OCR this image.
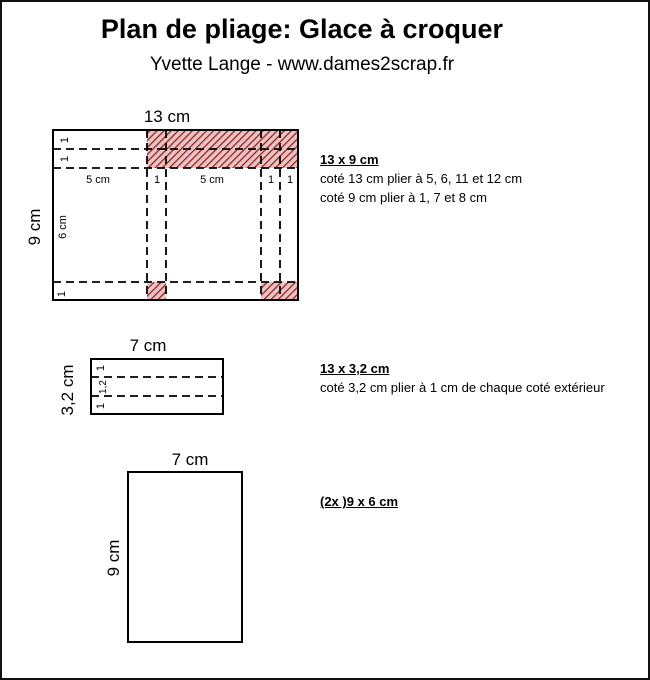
Plan de pliage: Glace à croquer
Yvette Lange - www.dames2scrap.fr
13 cm
9 cm
1
1
6 cm
1
5 cm	1	5 cm	1 1
7 cm
3,2 cm 1
1,2
1
7 cm
9 cm
13 x 9 cm
coté 13 cm plier à 5, 6, 11 et 12 cm
coté 9 cm plier à 1, 7 et 8 cm
13 x 3,2 cm
coté 3,2 cm plier à 1 cm de chaque coté extérieur
(2x )9 x 6 cm
